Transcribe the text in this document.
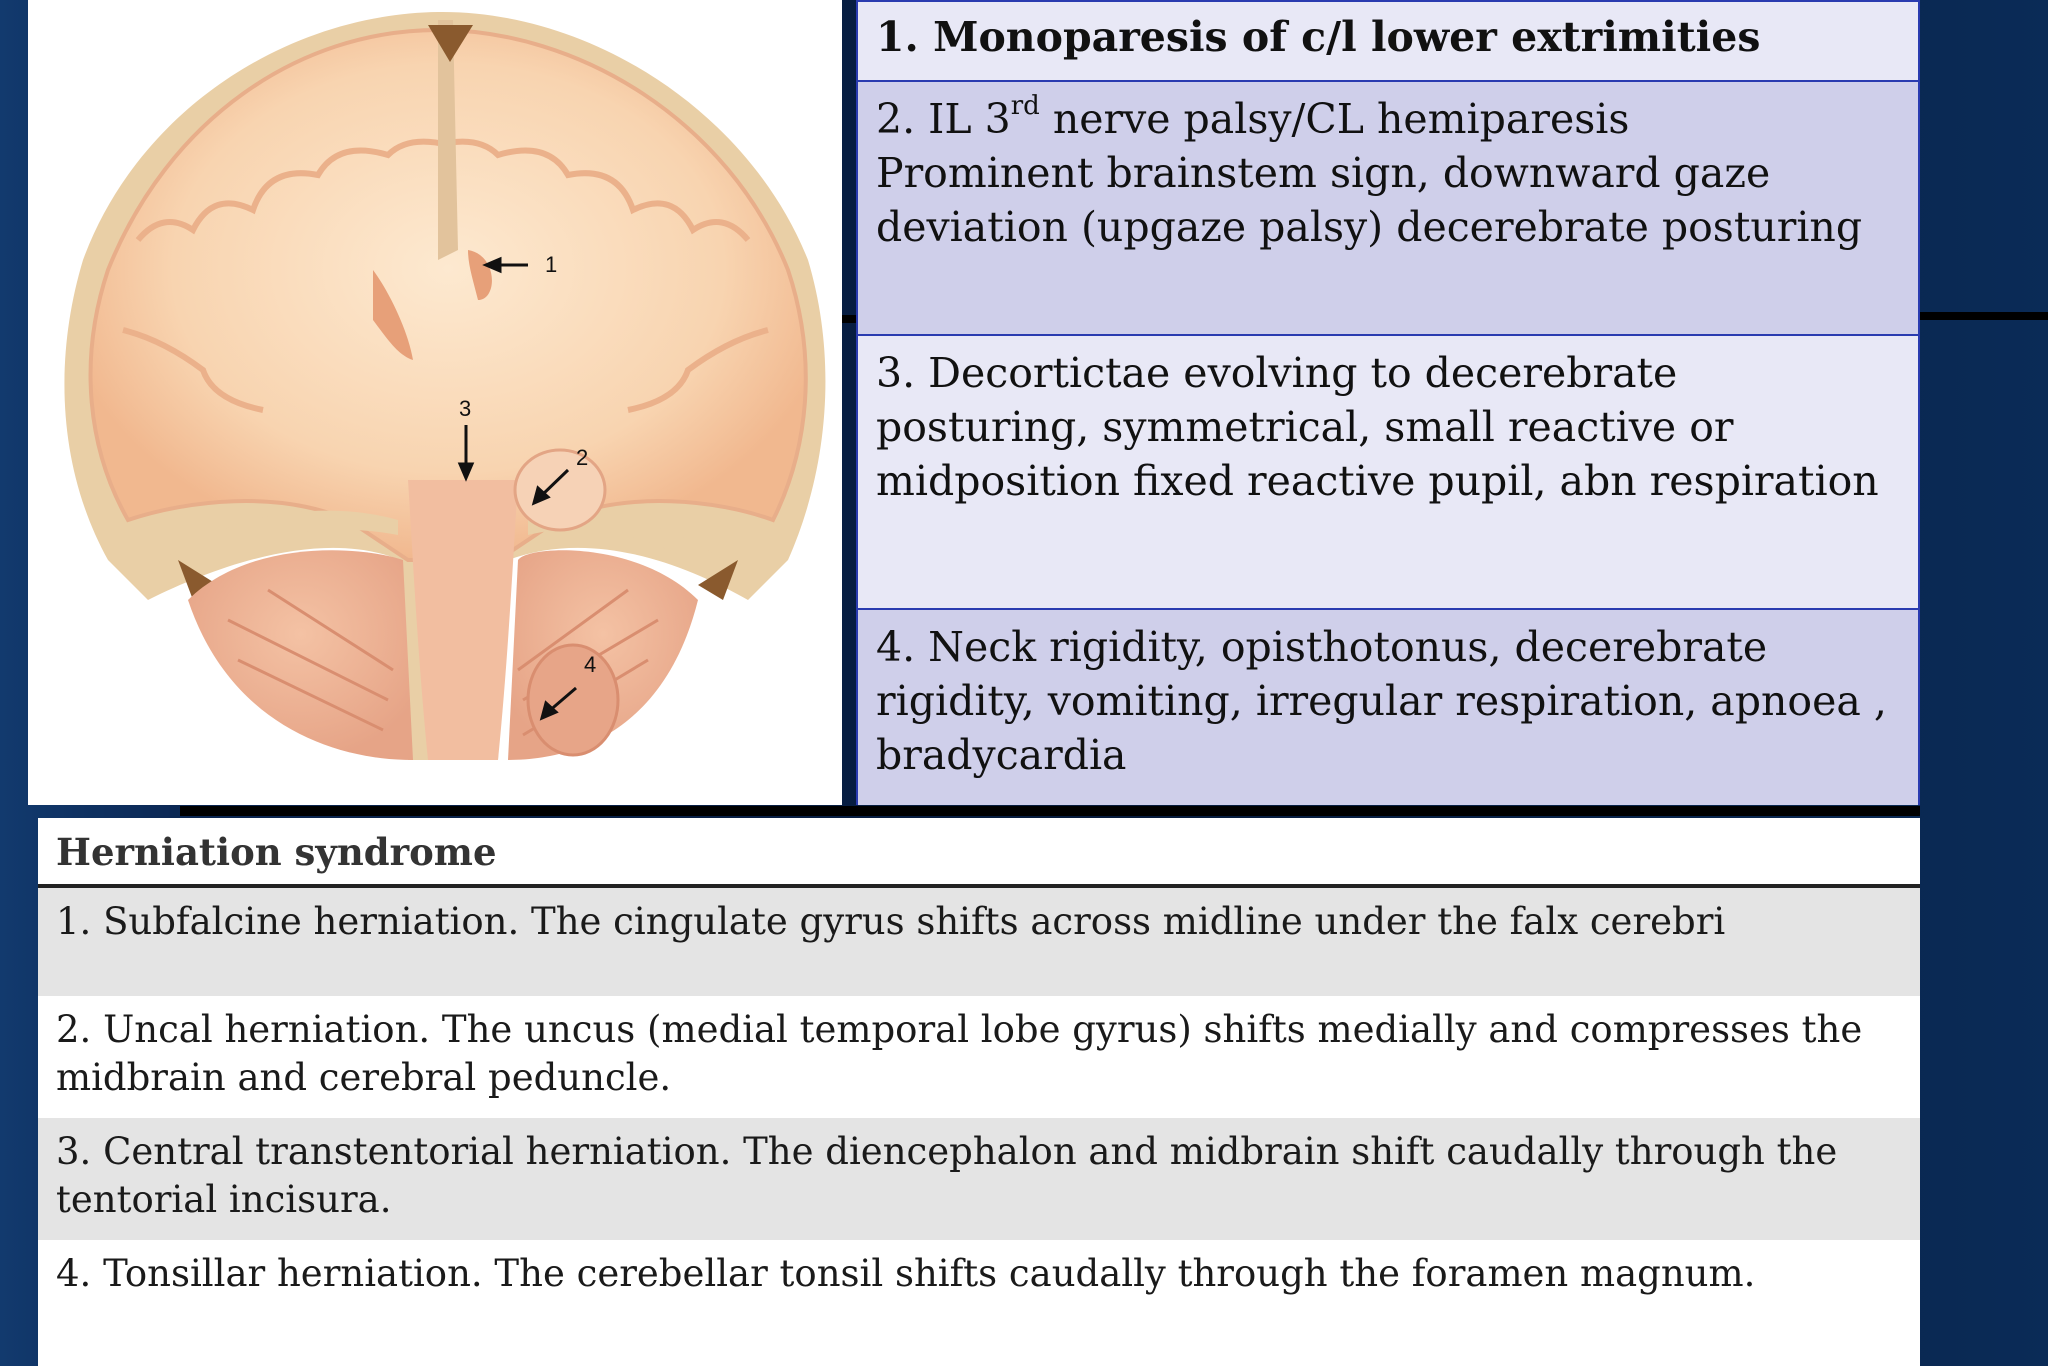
1
2
3
4
1. Monoparesis of c/l lower extrimities
2. IL 3rd nerve palsy/CL hemiparesis
Prominent brainstem sign, downward gaze deviation (upgaze palsy) decerebrate posturing
3. Decortictae evolving to decerebrate posturing, symmetrical, small reactive or midposition fixed reactive pupil, abn respiration
4. Neck rigidity, opisthotonus, decerebrate rigidity, vomiting, irregular respiration, apnoea , bradycardia
Herniation syndrome
1. Subfalcine herniation. The cingulate gyrus shifts across midline under the falx cerebri
2. Uncal herniation. The uncus (medial temporal lobe gyrus) shifts medially and compresses the midbrain and cerebral peduncle.
3. Central transtentorial herniation. The diencephalon and midbrain shift caudally through the tentorial incisura.
4. Tonsillar herniation. The cerebellar tonsil shifts caudally through the foramen magnum.
